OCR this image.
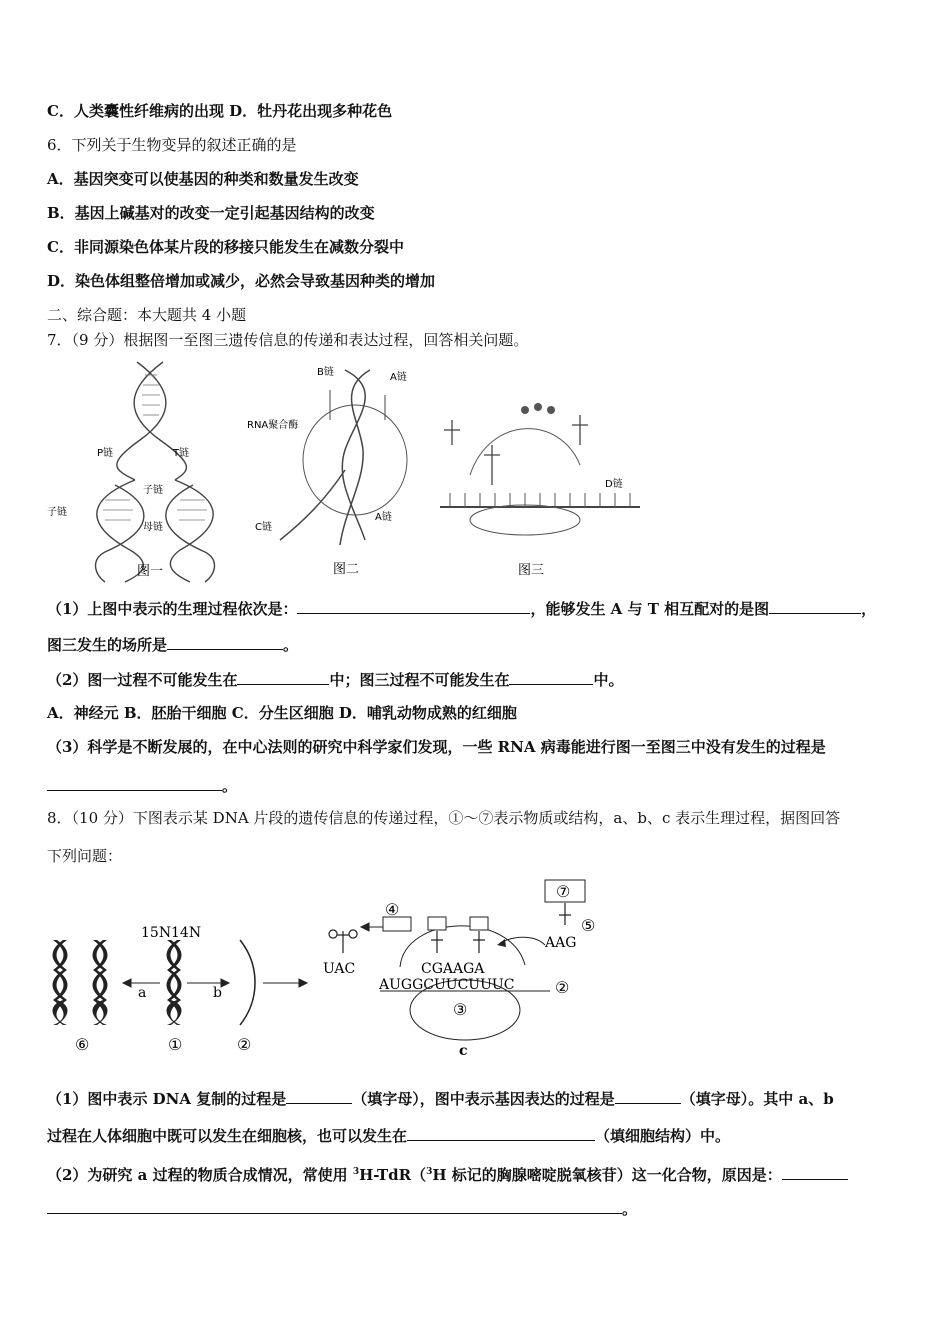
C．人类囊性纤维病的出现 D．牡丹花出现多种花色
6．下列关于生物变异的叙述正确的是
A．基因突变可以使基因的种类和数量发生改变
B．基因上碱基对的改变一定引起基因结构的改变
C．非同源染色体某片段的移接只能发生在减数分裂中
D．染色体组整倍增加或减少，必然会导致基因种类的增加
二、综合题：本大题共 4 小题
7．（9 分）根据图一至图三遗传信息的传递和表达过程，回答相关问题。
P链	T链
子链
子链
母链
图一
B链	A链
RNA聚合酶
A链
C链
图二
D链
图三
（1）上图中表示的生理过程依次是：	，能够发生 A 与 T 相互配对的是图	，
图三发生的场所是	。
（2）图一过程不可能发生在	中；图三过程不可能发生在	中。
A．神经元 B．胚胎干细胞 C．分生区细胞 D．哺乳动物成熟的红细胞
（3）科学是不断发展的，在中心法则的研究中科学家们发现，一些 RNA 病毒能进行图一至图三中没有发生的过程是
。
8．（10 分）下图表示某 DNA 片段的遗传信息的传递过程，①～⑦表示物质或结构，a、b、c 表示生理过程，据图回答
下列问题：
15N 14N
a	b
c
⑥	①	②
②
③
④
⑤
⑦
UAC	CGAAGA
AUGGCUUCUUUC
AAG
（1）图中表示 DNA 复制的过程是	（填字母），图中表示基因表达的过程是	（填字母）。其中 a、b
过程在人体细胞中既可以发生在细胞核，也可以发生在	（填细胞结构）中。
（2）为研究 a 过程的物质合成情况，常使用 $^3$H-TdR（$^3$H 标记的胸腺嘧啶脱氧核苷）这一化合物，原因是：
。
